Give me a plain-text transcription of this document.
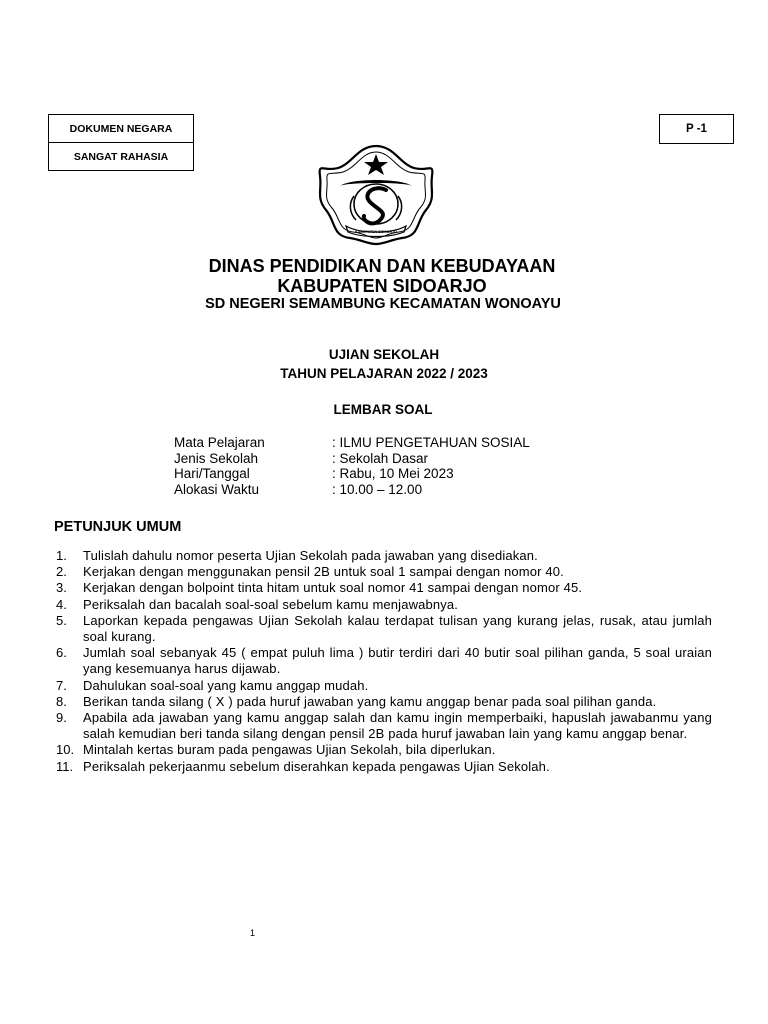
DOKUMEN NEGARA
SANGAT RAHASIA
P -1
KABUPATEN SIDOARJO
DINAS PENDIDIKAN DAN KEBUDAYAAN
KABUPATEN SIDOARJO
SD NEGERI SEMAMBUNG KECAMATAN WONOAYU
UJIAN SEKOLAH
TAHUN PELAJARAN 2022 / 2023
LEMBAR SOAL
Mata Pelajaran	: ILMU PENGETAHUAN SOSIAL
Jenis Sekolah	: Sekolah Dasar
Hari/Tanggal	: Rabu, 10 Mei 2023
Alokasi Waktu	: 10.00 – 12.00
PETUNJUK UMUM
1.	Tulislah dahulu nomor peserta Ujian Sekolah pada jawaban yang disediakan.
2.	Kerjakan dengan menggunakan pensil 2B untuk soal 1 sampai dengan nomor 40.
3.	Kerjakan dengan bolpoint tinta hitam untuk soal nomor 41 sampai dengan nomor 45.
4.	Periksalah dan bacalah soal-soal sebelum kamu menjawabnya.
5.	Laporkan kepada pengawas Ujian Sekolah kalau terdapat tulisan yang kurang jelas, rusak, atau jumlah soal kurang.
6.	Jumlah soal sebanyak 45 ( empat puluh lima ) butir terdiri dari 40 butir soal pilihan ganda, 5 soal uraian yang kesemuanya harus dijawab.
7.	Dahulukan soal-soal yang kamu anggap mudah.
8.	Berikan tanda silang ( X ) pada huruf jawaban yang kamu anggap benar pada soal pilihan ganda.
9.	Apabila ada jawaban yang kamu anggap salah dan kamu ingin memperbaiki, hapuslah jawabanmu yang salah kemudian beri tanda silang dengan pensil 2B pada huruf jawaban lain yang kamu anggap benar.
10. Mintalah kertas buram pada pengawas Ujian Sekolah, bila diperlukan.
11. Periksalah pekerjaanmu sebelum diserahkan kepada pengawas Ujian Sekolah.
1
